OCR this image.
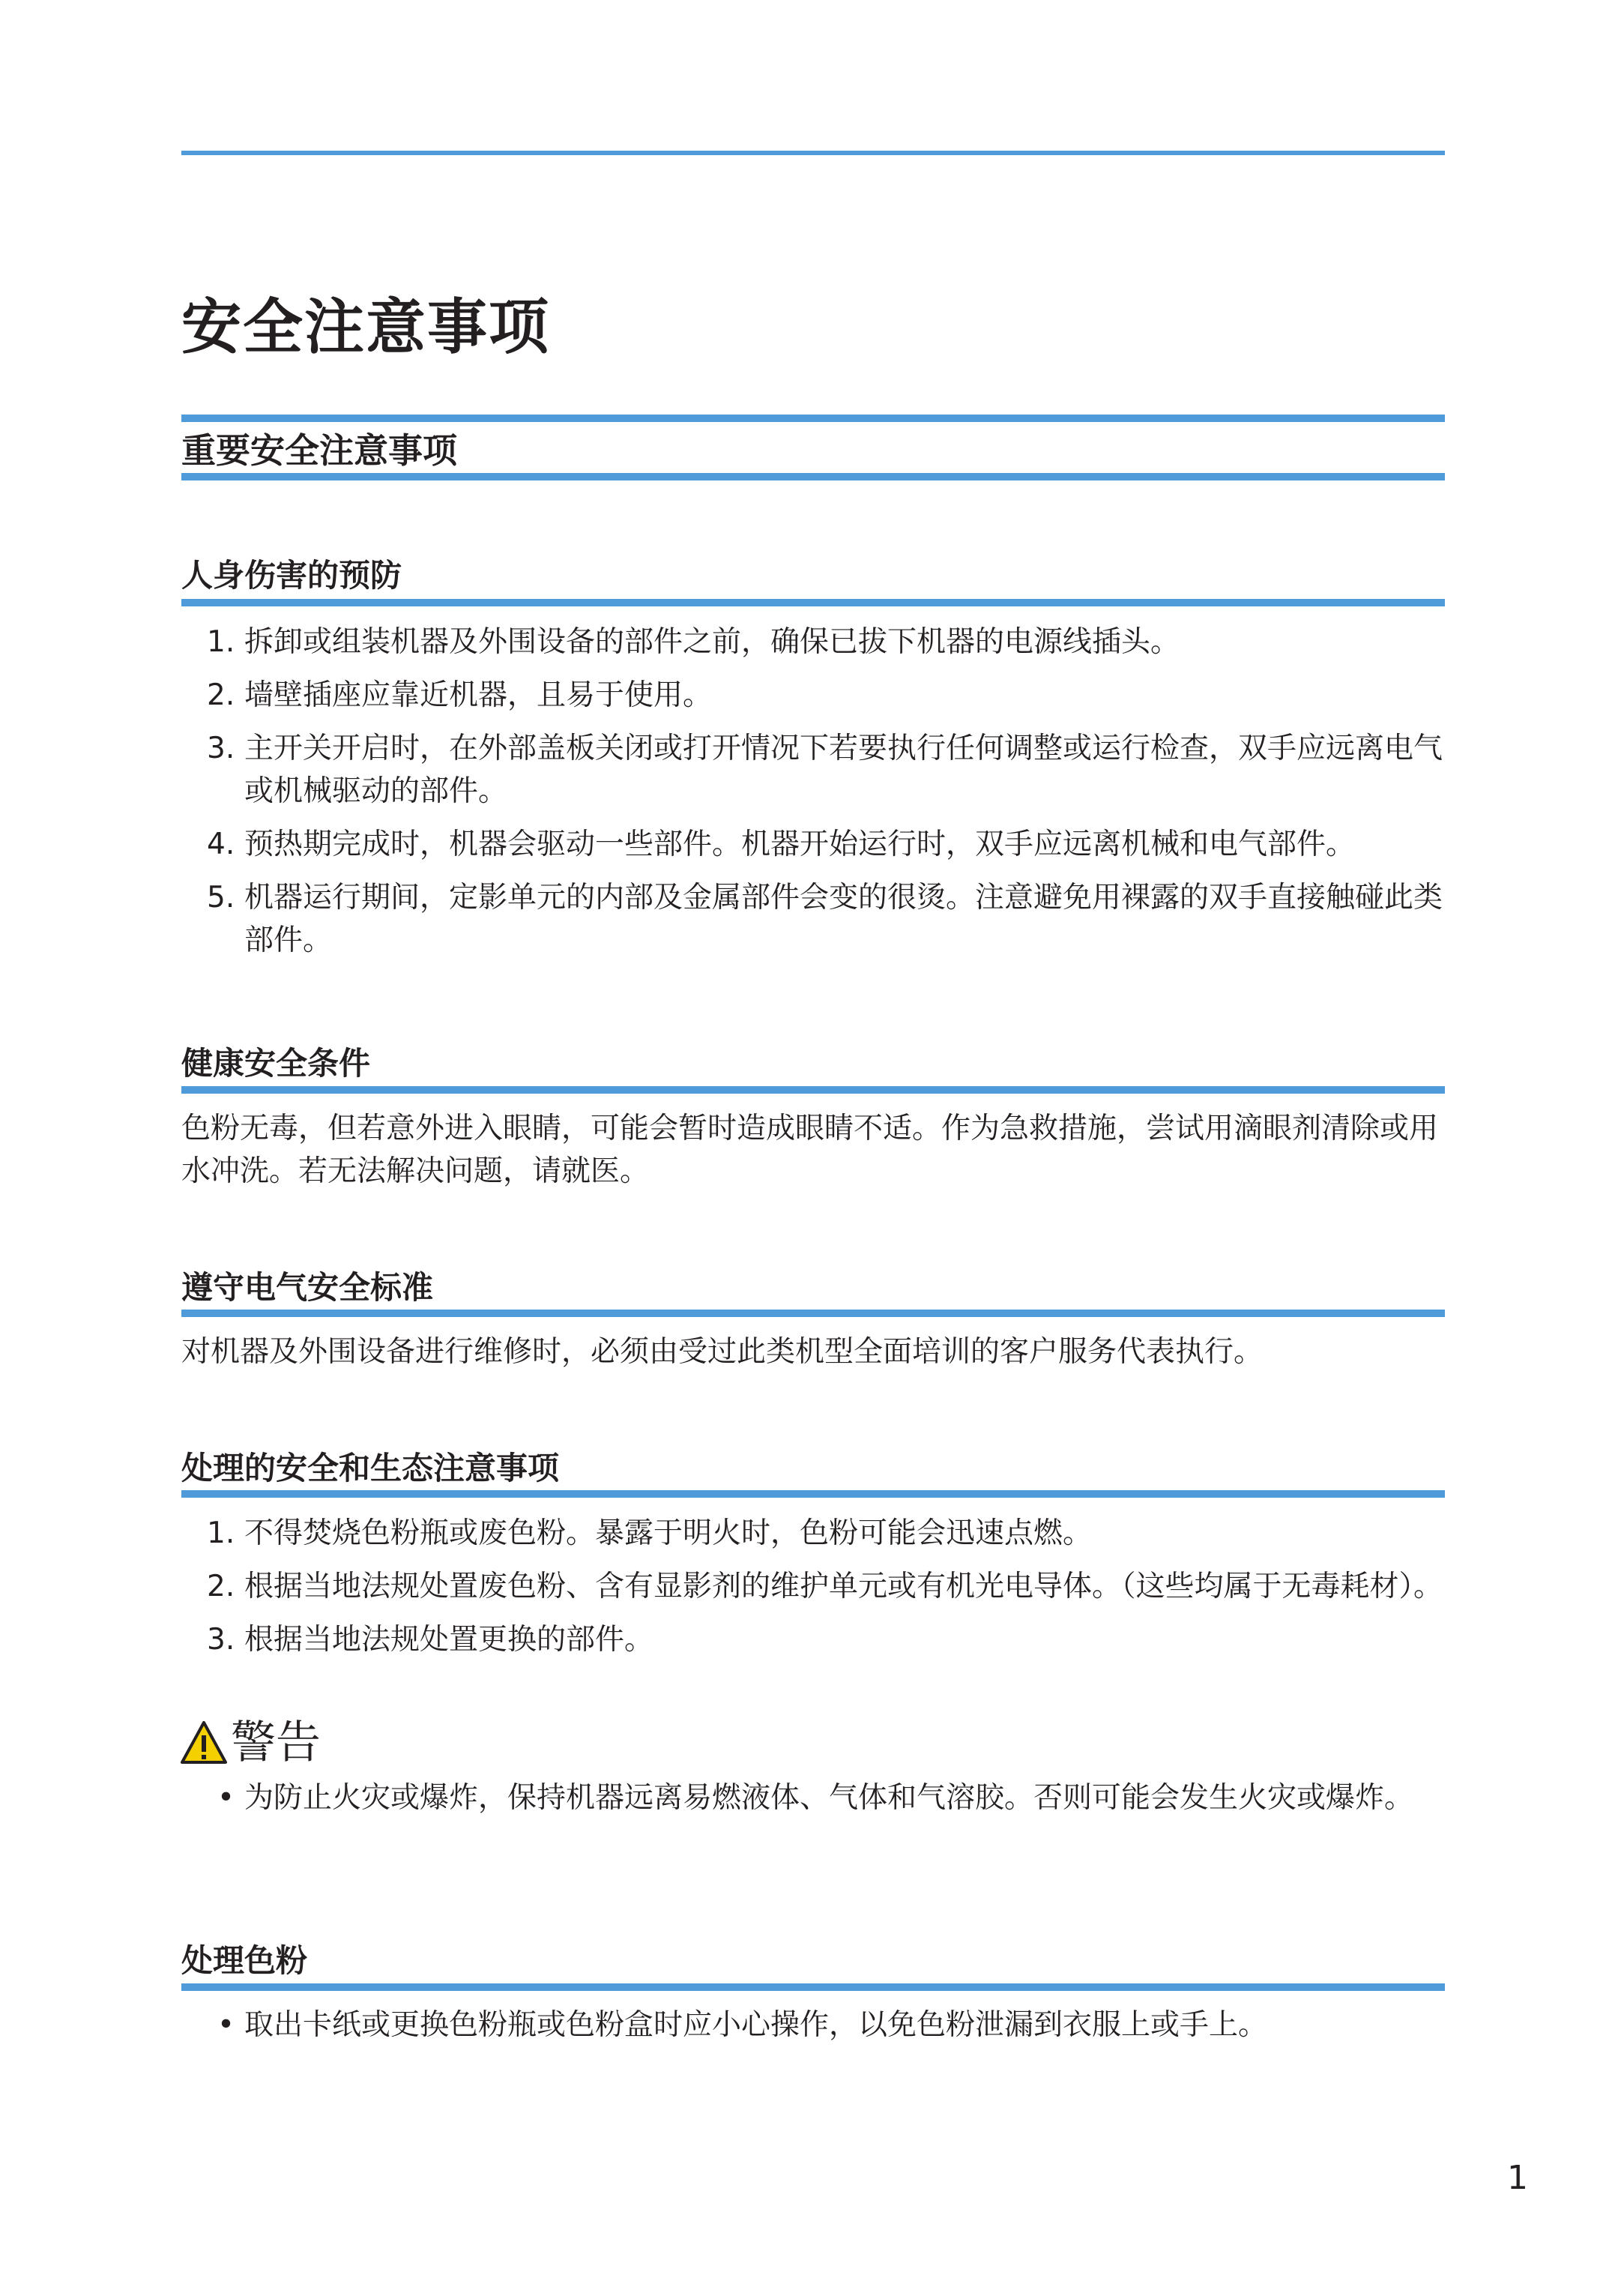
安全注意事项
重要安全注意事项
人身伤害的预防
1. 拆卸或组装机器及外围设备的部件之前，确保已拔下机器的电源线插头。
2. 墙壁插座应靠近机器，且易于使用。
3. 主开关开启时，在外部盖板关闭或打开情况下若要执行任何调整或运行检查，双手应远离电气或机械驱动的部件。
4. 预热期完成时，机器会驱动一些部件。机器开始运行时，双手应远离机械和电气部件。
5. 机器运行期间，定影单元的内部及金属部件会变的很烫。注意避免用裸露的双手直接触碰此类部件。
健康安全条件

色粉无毒，但若意外进入眼睛，可能会暂时造成眼睛不适。作为急救措施，尝试用滴眼剂清除或用水冲洗。若无法解决问题，请就医。

遵守电气安全标准

对机器及外围设备进行维修时，必须由受过此类机型全面培训的客户服务代表执行。

处理的安全和生态注意事项
1. 不得焚烧色粉瓶或废色粉。暴露于明火时，色粉可能会迅速点燃。
2. 根据当地法规处置废色粉、含有显影剂的维护单元或有机光电导体。（这些均属于无毒耗材）。
3. 根据当地法规处置更换的部件。
警告
• 为防止火灾或爆炸，保持机器远离易燃液体、气体和气溶胶。否则可能会发生火灾或爆炸。
处理色粉
• 取出卡纸或更换色粉瓶或色粉盒时应小心操作，以免色粉泄漏到衣服上或手上。
1
